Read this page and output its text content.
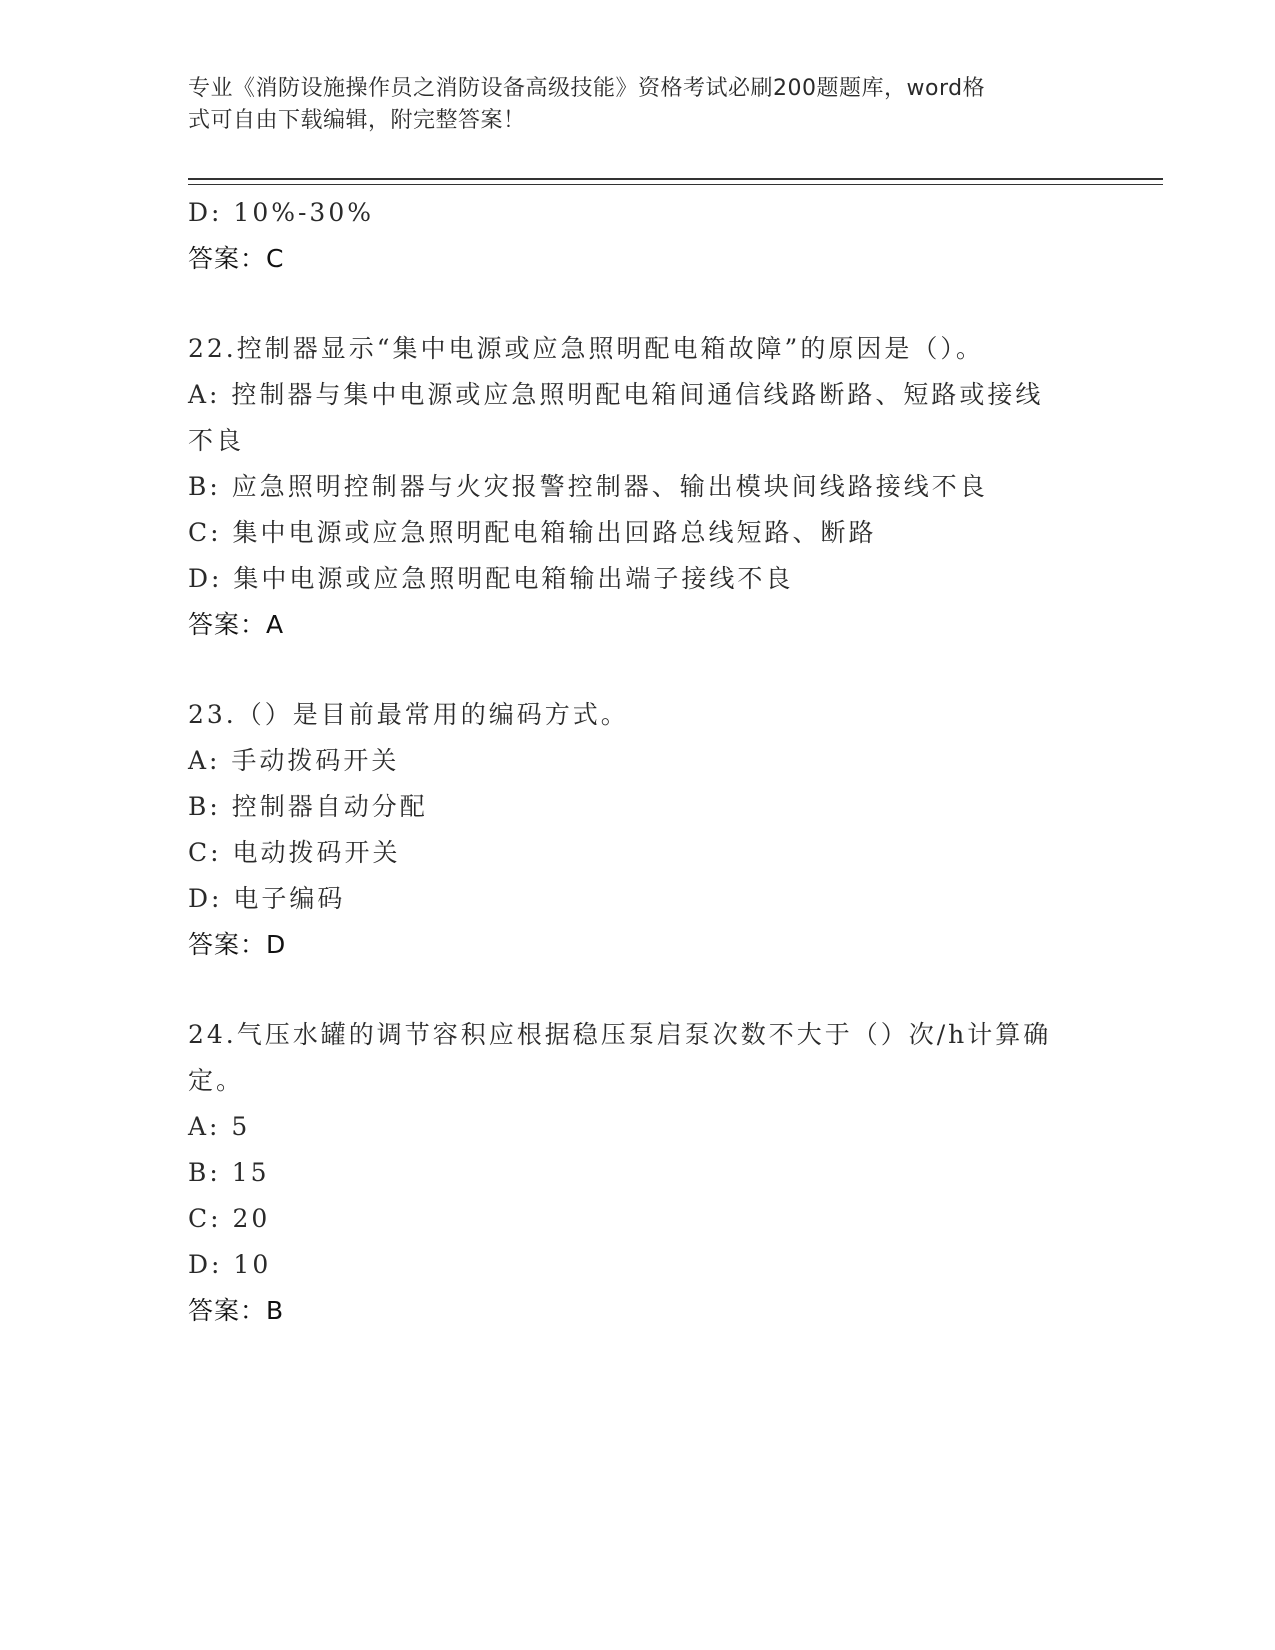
专业《消防设施操作员之消防设备高级技能》资格考试必刷200题题库，word格
式可自由下载编辑，附完整答案！
D: 10%-30%
答案：C
22.控制器显示“集中电源或应急照明配电箱故障”的原因是（）。
A: 控制器与集中电源或应急照明配电箱间通信线路断路、短路或接线
不良
B: 应急照明控制器与火灾报警控制器、输出模块间线路接线不良
C: 集中电源或应急照明配电箱输出回路总线短路、断路
D: 集中电源或应急照明配电箱输出端子接线不良
答案：A
23.（）是目前最常用的编码方式。
A: 手动拨码开关
B: 控制器自动分配
C: 电动拨码开关
D: 电子编码
答案：D
24.气压水罐的调节容积应根据稳压泵启泵次数不大于（）次/h计算确
定。
A: 5
B: 15
C: 20
D: 10
答案：B
